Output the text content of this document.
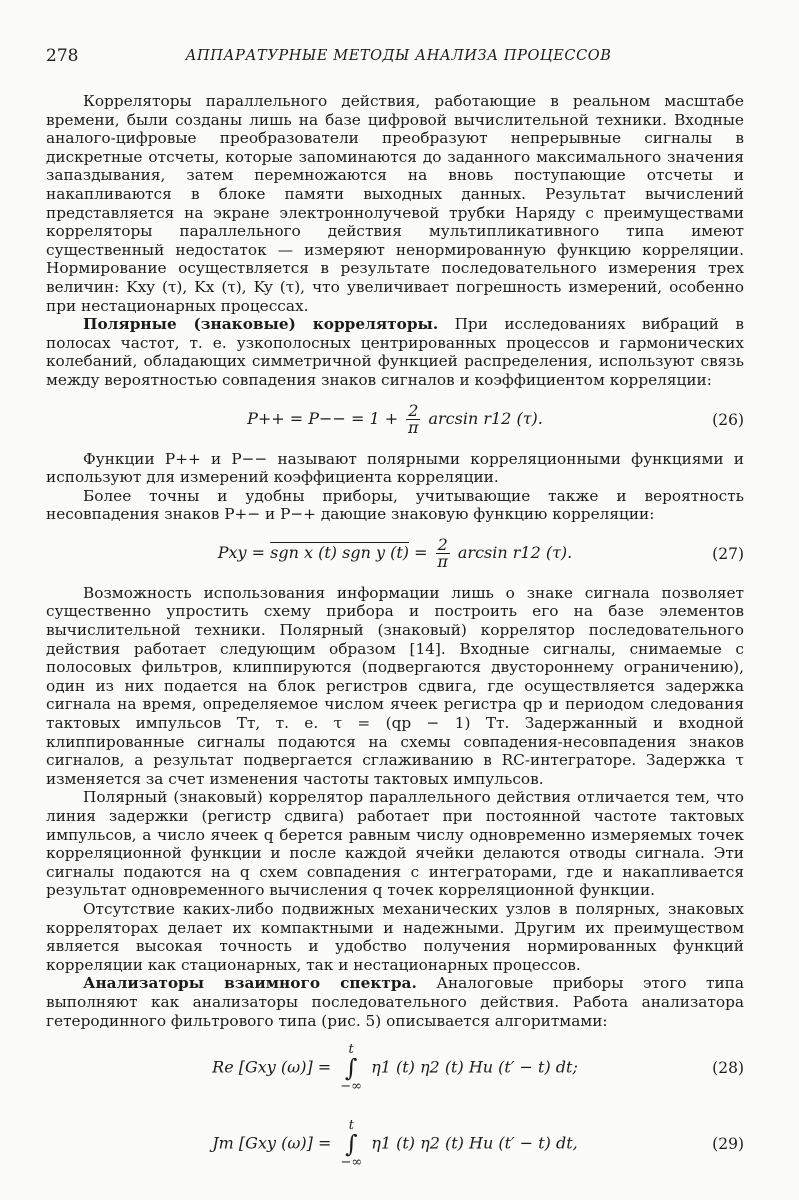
278	АППАРАТУРНЫЕ МЕТОДЫ АНАЛИЗА ПРОЦЕССОВ

Корреляторы параллельного действия, работающие в реальном масштабе времени, были созданы лишь на базе цифровой вычислительной техники. Входные аналого-цифровые преобразователи преобразуют непрерывные сигналы в дискретные отсчеты, которые запоминаются до заданного максимального значения запаздывания, затем перемножаются на вновь поступающие отсчеты и накапливаются в блоке памяти выходных данных. Результат вычислений представляется на экране электроннолучевой трубки Наряду с преимуществами корреляторы параллельного действия мультипликативного типа имеют существенный недостаток — измеряют ненормированную функцию корреляции. Нормирование осуществляется в результате последовательного измерения трех величин: Kxy (τ), Kx (τ), Ky (τ), что увеличивает погрешность измерений, особенно при нестационарных процессах.

Полярные (знаковые) корреляторы. При исследованиях вибраций в полосах частот, т. е. узкополосных центрированных процессов и гармонических колебаний, обладающих симметричной функцией распределения, используют связь между вероятностью совпадения знаков сигналов и коэффициентом корреляции:

$P++ = P-- = 1 + \frac{2}{\pi}$ arcsin r12 (τ).	(26)

Функции P++ и P−− называют полярными корреляционными функциями и используют для измерений коэффициента корреляции.

Более точны и удобны приборы, учитывающие также и вероятность несовпадения знаков P+− и P−+ дающие знаковую функцию корреляции:

Pxy = sgn x (t) sgn y $(t) = \frac{2}{\pi}$ arcsin r12 (τ).	(27)

Возможность использования информации лишь о знаке сигнала позволяет существенно упростить схему прибора и построить его на базе элементов вычислительной техники. Полярный (знаковый) коррелятор последовательного действия работает следующим образом [14]. Входные сигналы, снимаемые с полосовых фильтров, клиппируются (подвергаются двустороннему ограничению), один из них подается на блок регистров сдвига, где осуществляется задержка сигнала на время, определяемое числом ячеек регистра qр и периодом следования тактовых импульсов Tт, т. е. τ = (qр − 1) Tт. Задержанный и входной клиппированные сигналы подаются на схемы совпадения-несовпадения знаков сигналов, а результат подвергается сглаживанию в RC-интеграторе. Задержка τ изменяется за счет изменения частоты тактовых импульсов.

Полярный (знаковый) коррелятор параллельного действия отличается тем, что линия задержки (регистр сдвига) работает при постоянной частоте тактовых импульсов, а число ячеек q берется равным числу одновременно измеряемых точек корреляционной функции и после каждой ячейки делаются отводы сигнала. Эти сигналы подаются на q схем совпадения с интеграторами, где и накапливается результат одновременного вычисления q точек корреляционной функции.

Отсутствие каких-либо подвижных механических узлов в полярных, знаковых корреляторах делает их компактными и надежными. Другим их преимуществом является высокая точность и удобство получения нормированных функций корреляции как стационарных, так и нестационарных процессов.

Анализаторы взаимного спектра. Аналоговые приборы этого типа выполняют как анализаторы последовательного действия. Работа анализатора гетеродинного фильтрового типа (рис. 5) описывается алгоритмами:

Re [Gxy (ω)] =
t
∫
−∞
η1 (t) η2 (t) Hи (t′ − t) dt;	(28)
Jm [Gxy (ω)] =
t
∫
−∞
η1 (t) η2 (t) Hи (t′ − t) dt,	(29)
